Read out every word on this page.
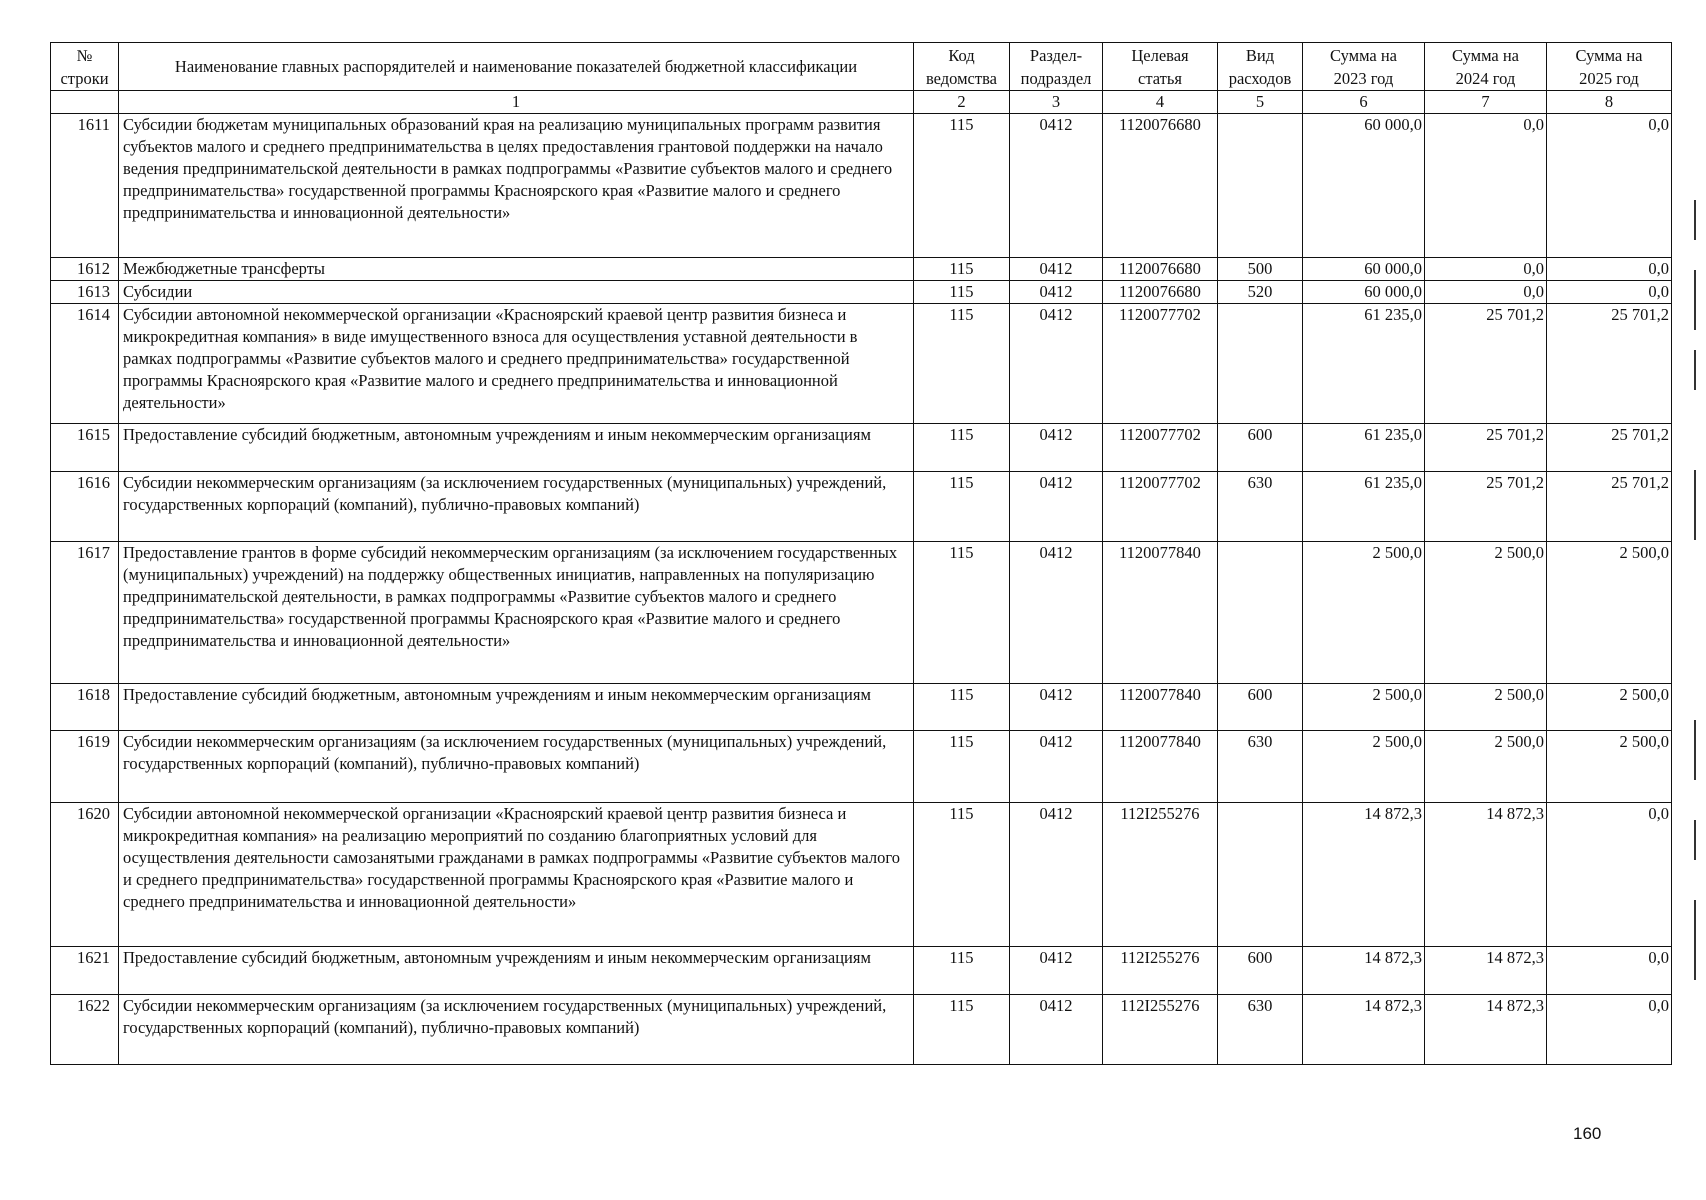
№ строки	Наименование главных распорядителей и наименование показателей бюджетной классификации	Код ведомства	Раздел-подраздел	Целевая статья	Вид расходов	Сумма на 2023 год	Сумма на 2024 год	Сумма на 2025 год
	1	2	3	4	5	6	7	8
1611	Субсидии бюджетам муниципальных образований края на реализацию муниципальных программ развития субъектов малого и среднего предпринимательства в целях предоставления грантовой поддержки на начало ведения предпринимательской деятельности в рамках подпрограммы «Развитие субъектов малого и среднего предпринимательства» государственной программы Красноярского края «Развитие малого и среднего предпринимательства и инновационной деятельности»	115	0412	1120076680		60 000,0	0,0	0,0
1612	Межбюджетные трансферты	115	0412	1120076680	500	60 000,0	0,0	0,0
1613	Субсидии	115	0412	1120076680	520	60 000,0	0,0	0,0
1614	Субсидии автономной некоммерческой организации «Красноярский краевой центр развития бизнеса и микрокредитная компания» в виде имущественного взноса для осуществления уставной деятельности в рамках подпрограммы «Развитие субъектов малого и среднего предпринимательства» государственной программы Красноярского края «Развитие малого и среднего предпринимательства и инновационной деятельности»	115	0412	1120077702		61 235,0	25 701,2	25 701,2
1615	Предоставление субсидий бюджетным, автономным учреждениям и иным некоммерческим организациям	115	0412	1120077702	600	61 235,0	25 701,2	25 701,2
1616	Субсидии некоммерческим организациям (за исключением государственных (муниципальных) учреждений, государственных корпораций (компаний), публично-правовых компаний)	115	0412	1120077702	630	61 235,0	25 701,2	25 701,2
1617	Предоставление грантов в форме субсидий некоммерческим организациям (за исключением государственных (муниципальных) учреждений) на поддержку общественных инициатив, направленных на популяризацию предпринимательской деятельности, в рамках подпрограммы «Развитие субъектов малого и среднего предпринимательства» государственной программы Красноярского края «Развитие малого и среднего предпринимательства и инновационной деятельности»	115	0412	1120077840		2 500,0	2 500,0	2 500,0
1618	Предоставление субсидий бюджетным, автономным учреждениям и иным некоммерческим организациям	115	0412	1120077840	600	2 500,0	2 500,0	2 500,0
1619	Субсидии некоммерческим организациям (за исключением государственных (муниципальных) учреждений, государственных корпораций (компаний), публично-правовых компаний)	115	0412	1120077840	630	2 500,0	2 500,0	2 500,0
1620	Субсидии автономной некоммерческой организации «Красноярский краевой центр развития бизнеса и микрокредитная компания» на реализацию мероприятий по созданию благоприятных условий для осуществления деятельности самозанятыми гражданами в рамках подпрограммы «Развитие субъектов малого и среднего предпринимательства» государственной программы Красноярского края «Развитие малого и среднего предпринимательства и инновационной деятельности»	115	0412	112I255276		14 872,3	14 872,3	0,0
1621	Предоставление субсидий бюджетным, автономным учреждениям и иным некоммерческим организациям	115	0412	112I255276	600	14 872,3	14 872,3	0,0
1622	Субсидии некоммерческим организациям (за исключением государственных (муниципальных) учреждений, государственных корпораций (компаний), публично-правовых компаний)	115	0412	112I255276	630	14 872,3	14 872,3	0,0
160
